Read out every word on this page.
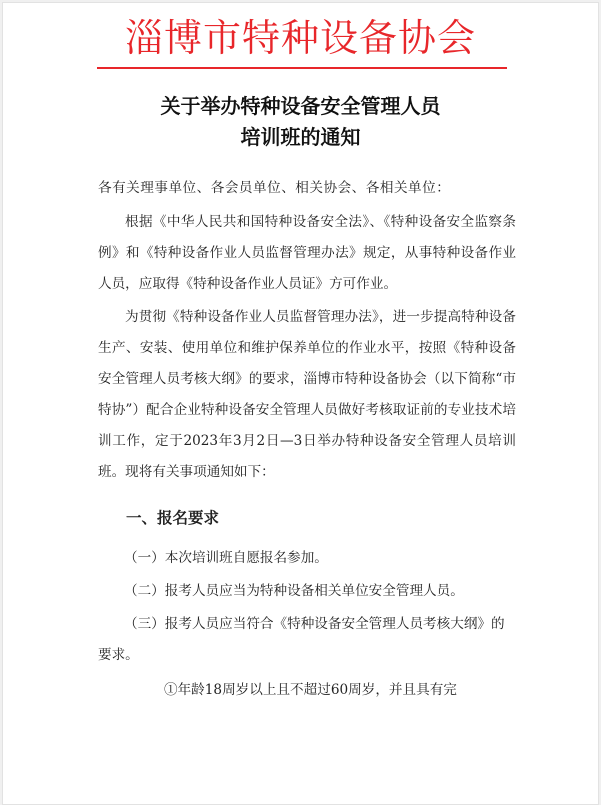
淄博市特种设备协会
关于举办特种设备安全管理人员
培训班的通知

各有关理事单位、各会员单位、相关协会、各相关单位：

根据《中华人民共和国特种设备安全法》、《特种设备安全监察条例》和《特种设备作业人员监督管理办法》规定，从事特种设备作业人员，应取得《特种设备作业人员证》方可作业。

为贯彻《特种设备作业人员监督管理办法》，进一步提高特种设备生产、安装、使用单位和维护保养单位的作业水平，按照《特种设备安全管理人员考核大纲》的要求，淄博市特种设备协会（以下简称“市特协”）配合企业特种设备安全管理人员做好考核取证前的专业技术培训工作，定于2023年3月2日—3日举办特种设备安全管理人员培训班。现将有关事项通知如下：

一、报名要求

（一）本次培训班自愿报名参加。

（二）报考人员应当为特种设备相关单位安全管理人员。

（三）报考人员应当符合《特种设备安全管理人员考核大纲》的要求。

①年龄18周岁以上且不超过60周岁，并且具有完
